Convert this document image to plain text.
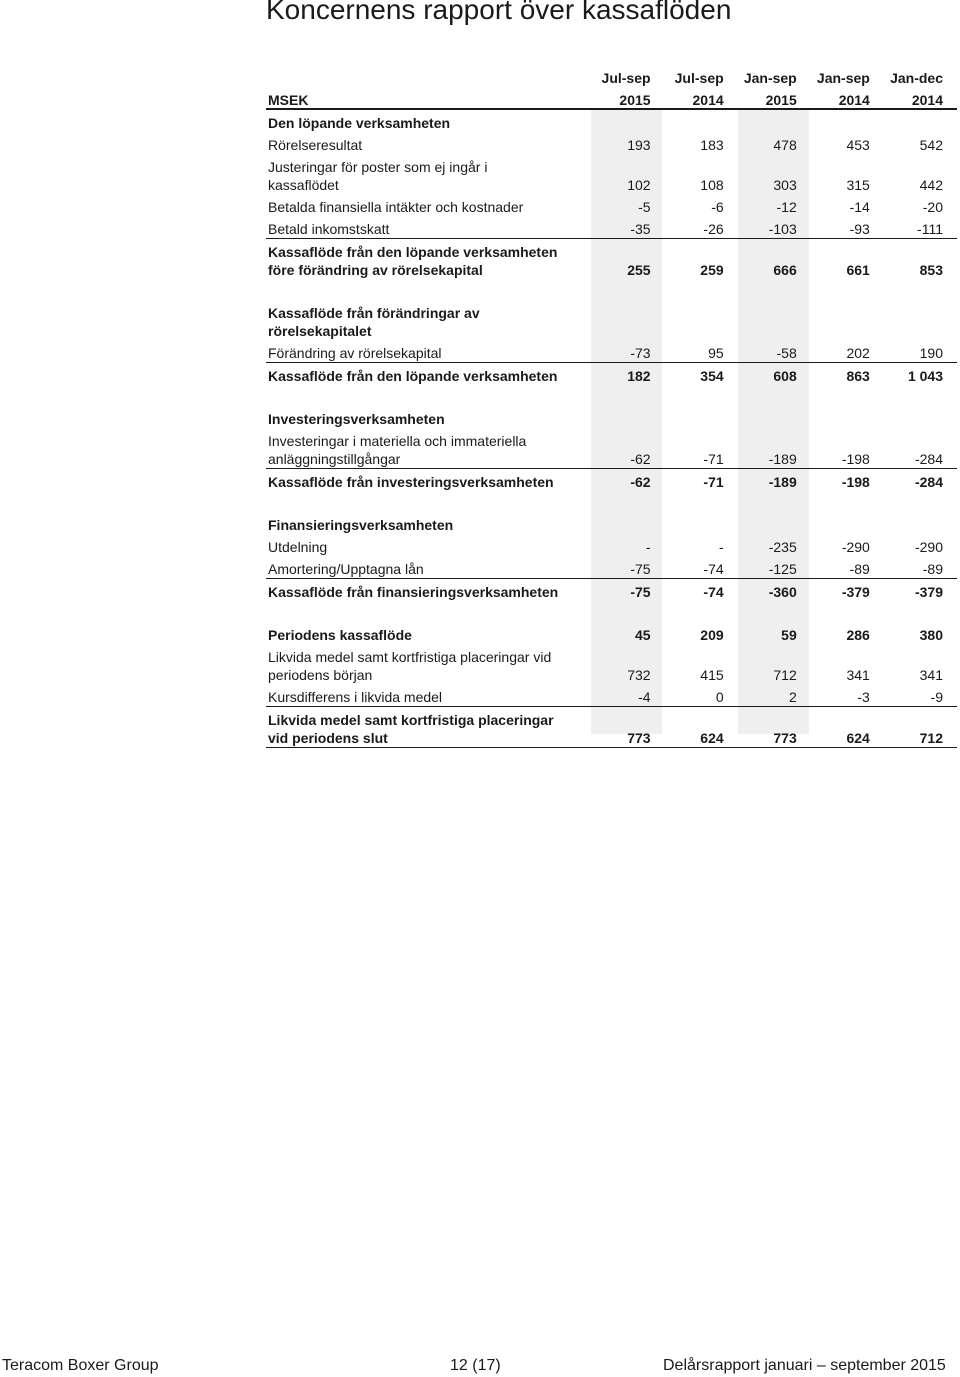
Koncernens rapport över kassaflöden
	Jul-sep	Jul-sep	Jan-sep	Jan-sep	Jan-dec
MSEK	2015	2014	2015	2014	2014

Den löpande verksamheten					

Rörelseresultat	193	183	478	453	542

Justeringar för poster som ej ingår i
kassaflödet	102	108	303	315	442

Betalda finansiella intäkter och kostnader	-5	-6	-12	-14	-20

Betald inkomstskatt	-35	-26	-103	-93	-111

Kassaflöde från den löpande verksamheten
före förändring av rörelsekapital	255	259	666	661	853

Kassaflöde från förändringar av
rörelsekapitalet					

Förändring av rörelsekapital	-73	95	-58	202	190

Kassaflöde från den löpande verksamheten	182	354	608	863	1 043

Investeringsverksamheten					

Investeringar i materiella och immateriella
anläggningstillgångar	-62	-71	-189	-198	-284

Kassaflöde från investeringsverksamheten	-62	-71	-189	-198	-284

Finansieringsverksamheten					

Utdelning	-	-	-235	-290	-290

Amortering/Upptagna lån	-75	-74	-125	-89	-89

Kassaflöde från finansieringsverksamheten	-75	-74	-360	-379	-379

Periodens kassaflöde	45	209	59	286	380

Likvida medel samt kortfristiga placeringar vid
periodens början	732	415	712	341	341

Kursdifferens i likvida medel	-4	0	2	-3	-9

Likvida medel samt kortfristiga placeringar
vid periodens slut	773	624	773	624	712
Teracom Boxer Group	12 (17)	Delårsrapport januari – september 2015
